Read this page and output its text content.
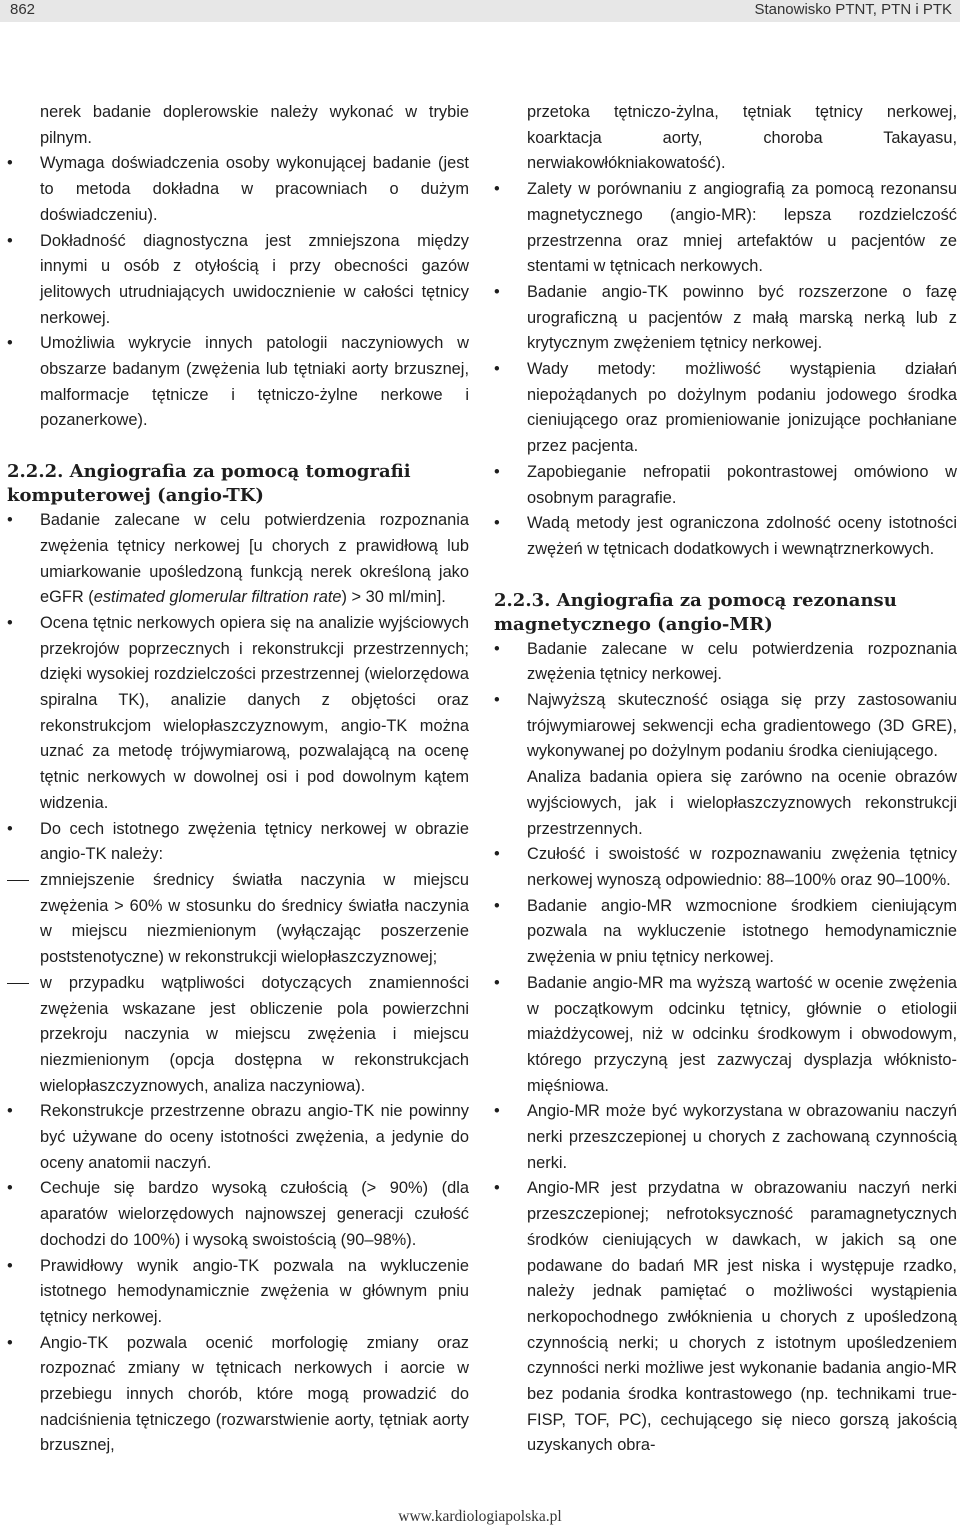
862	Stanowisko PTNT, PTN i PTK

nerek badanie doplerowskie należy wykonać w trybie pilnym.

• Wymaga doświadczenia osoby wykonującej badanie (jest to metoda dokładna w pracowniach o dużym doświadczeniu).
• Dokładność diagnostyczna jest zmniejszona między innymi u osób z otyłością i przy obecności gazów jelitowych utrudniających uwidocznienie w całości tętnicy nerkowej.
• Umożliwia wykrycie innych patologii naczyniowych w obszarze badanym (zwężenia lub tętniaki aorty brzusznej, malformacje tętnicze i tętniczo-żylne nerkowe i pozanerkowe).
2.2.2. Angiografia za pomocą tomografii komputerowej (angio-TK)
• Badanie zalecane w celu potwierdzenia rozpoznania zwężenia tętnicy nerkowej [u chorych z prawidłową lub umiarkowanie upośledzoną funkcją nerek określoną jako eGFR (estimated glomerular filtration rate) > 30 ml/min].
• Ocena tętnic nerkowych opiera się na analizie wyjściowych przekrojów poprzecznych i rekonstrukcji przestrzennych; dzięki wysokiej rozdzielczości przestrzennej (wielorzędowa spiralna TK), analizie danych z objętości oraz rekonstrukcjom wielopłaszczyznowym, angio-TK można uznać za metodę trójwymiarową, pozwalającą na ocenę tętnic nerkowych w dowolnej osi i pod dowolnym kątem widzenia.
• Do cech istotnego zwężenia tętnicy nerkowej w obrazie angio-TK należy:
zmniejszenie średnicy światła naczynia w miejscu zwężenia > 60% w stosunku do średnicy światła naczynia w miejscu niezmienionym (wyłączając poszerzenie poststenotyczne) w rekonstrukcji wielopłaszczyznowej;
w przypadku wątpliwości dotyczących znamienności zwężenia wskazane jest obliczenie pola powierzchni przekroju naczynia w miejscu zwężenia i miejscu niezmienionym (opcja dostępna w rekonstrukcjach wielopłaszczyznowych, analiza naczyniowa).
• Rekonstrukcje przestrzenne obrazu angio-TK nie powinny być używane do oceny istotności zwężenia, a jedynie do oceny anatomii naczyń.
• Cechuje się bardzo wysoką czułością (> 90%) (dla aparatów wielorzędowych najnowszej generacji czułość dochodzi do 100%) i wysoką swoistością (90–98%).
• Prawidłowy wynik angio-TK pozwala na wykluczenie istotnego hemodynamicznie zwężenia w głównym pniu tętnicy nerkowej.
• Angio-TK pozwala ocenić morfologię zmiany oraz rozpoznać zmiany w tętnicach nerkowych i aorcie w przebiegu innych chorób, które mogą prowadzić do nadciśnienia tętniczego (rozwarstwienie aorty, tętniak aorty brzusznej,

przetoka tętniczo-żylna, tętniak tętnicy nerkowej, koarktacja aorty, choroba Takayasu, nerwiakowłókniakowatość).

• Zalety w porównaniu z angiografią za pomocą rezonansu magnetycznego (angio-MR): lepsza rozdzielczość przestrzenna oraz mniej artefaktów u pacjentów ze stentami w tętnicach nerkowych.
• Badanie angio-TK powinno być rozszerzone o fazę urograficzną u pacjentów z małą marską nerką lub z krytycznym zwężeniem tętnicy nerkowej.
• Wady metody: możliwość wystąpienia działań niepożądanych po dożylnym podaniu jodowego środka cieniującego oraz promieniowanie jonizujące pochłaniane przez pacjenta.
• Zapobieganie nefropatii pokontrastowej omówiono w osobnym paragrafie.
• Wadą metody jest ograniczona zdolność oceny istotności zwężeń w tętnicach dodatkowych i wewnątrznerkowych.
2.2.3. Angiografia za pomocą rezonansu magnetycznego (angio-MR)
• Badanie zalecane w celu potwierdzenia rozpoznania zwężenia tętnicy nerkowej.
• Najwyższą skuteczność osiąga się przy zastosowaniu trójwymiarowej sekwencji echa gradientowego (3D GRE), wykonywanej po dożylnym podaniu środka cieniującego.

Analiza badania opiera się zarówno na ocenie obrazów wyjściowych, jak i wielopłaszczyznowych rekonstrukcji przestrzennych.

• Czułość i swoistość w rozpoznawaniu zwężenia tętnicy nerkowej wynoszą odpowiednio: 88–100% oraz 90–100%.
• Badanie angio-MR wzmocnione środkiem cieniującym pozwala na wykluczenie istotnego hemodynamicznie zwężenia w pniu tętnicy nerkowej.
• Badanie angio-MR ma wyższą wartość w ocenie zwężenia w początkowym odcinku tętnicy, głównie o etiologii miażdżycowej, niż w odcinku środkowym i obwodowym, którego przyczyną jest zazwyczaj dysplazja włóknisto-mięśniowa.
• Angio-MR może być wykorzystana w obrazowaniu naczyń nerki przeszczepionej u chorych z zachowaną czynnością nerki.
• Angio-MR jest przydatna w obrazowaniu naczyń nerki przeszczepionej; nefrotoksyczność paramagnetycznych środków cieniujących w dawkach, w jakich są one podawane do badań MR jest niska i występuje rzadko, należy jednak pamiętać o możliwości wystąpienia nerkopochodnego zwłóknienia u chorych z upośledzoną czynnością nerki; u chorych z istotnym upośledzeniem czynności nerki możliwe jest wykonanie badania angio-MR bez podania środka kontrastowego (np. technikami true-FISP, TOF, PC), cechującego się nieco gorszą jakością uzyskanych obra-
www.kardiologiapolska.pl
